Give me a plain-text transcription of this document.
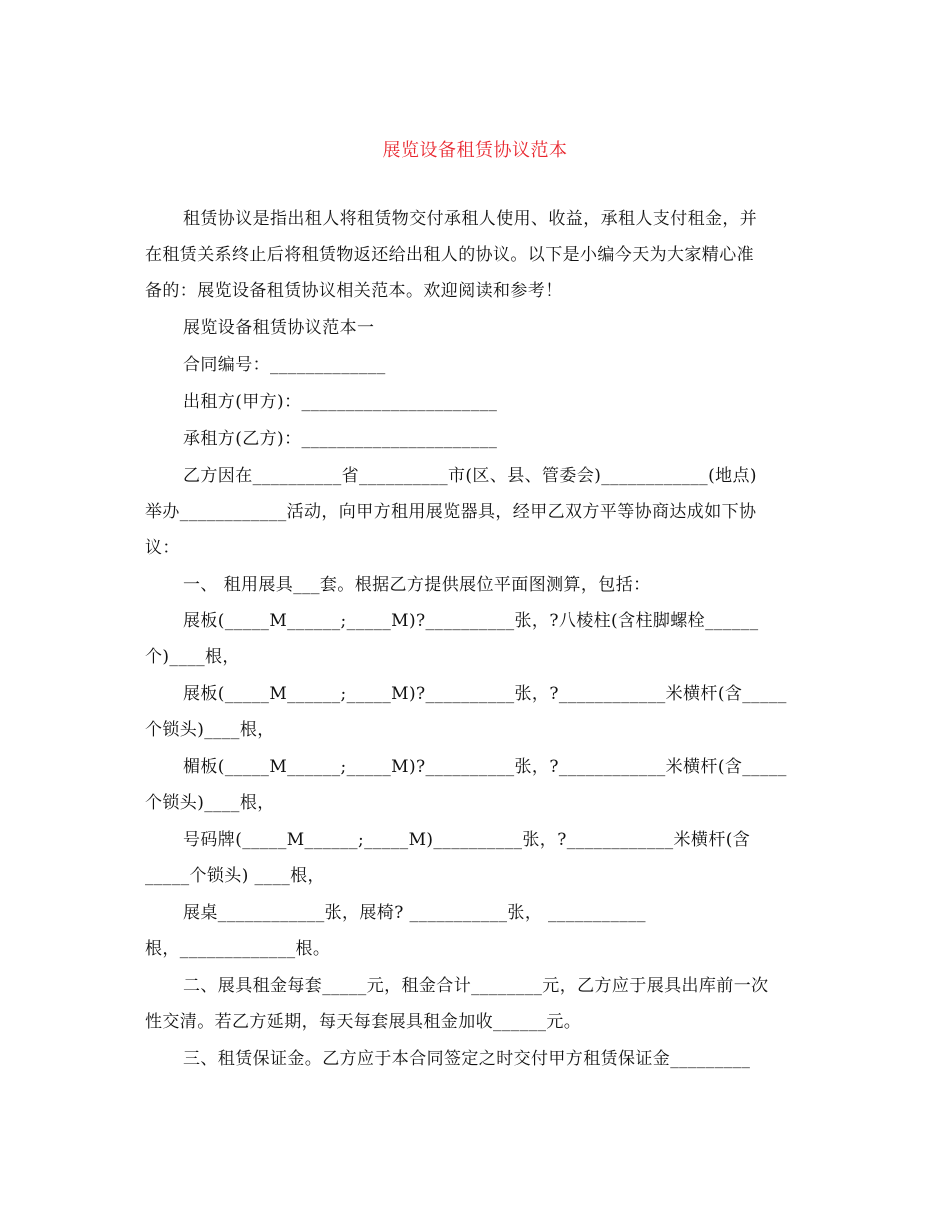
展览设备租赁协议范本
租赁协议是指出租人将租赁物交付承租人使用、收益，承租人支付租金，并
在租赁关系终止后将租赁物返还给出租人的协议。以下是小编今天为大家精心准
备的：展览设备租赁协议相关范本。欢迎阅读和参考！
展览设备租赁协议范本一
合同编号：_____________
出租方(甲方)：______________________
承租方(乙方)：______________________
乙方因在__________省__________市(区、县、管委会)____________(地点)
举办____________活动，向甲方租用展览器具，经甲乙双方平等协商达成如下协
议：
一、 租用展具___套。根据乙方提供展位平面图测算，包括：
展板(_____M______;_____M)?__________张，?八棱柱(含柱脚螺栓______
个)____根，
展板(_____M______;_____M)?__________张，?____________米横杆(含_____
个锁头)____根，
楣板(_____M______;_____M)?__________张，?____________米横杆(含_____
个锁头)____根，
号码牌(_____M______;_____M)__________张，?____________米横杆(含
_____个锁头) ____根，
展桌____________张，展椅? ___________张， ___________
根，_____________根。
二、展具租金每套_____元，租金合计________元，乙方应于展具出库前一次
性交清。若乙方延期，每天每套展具租金加收______元。
三、租赁保证金。乙方应于本合同签定之时交付甲方租赁保证金_________
